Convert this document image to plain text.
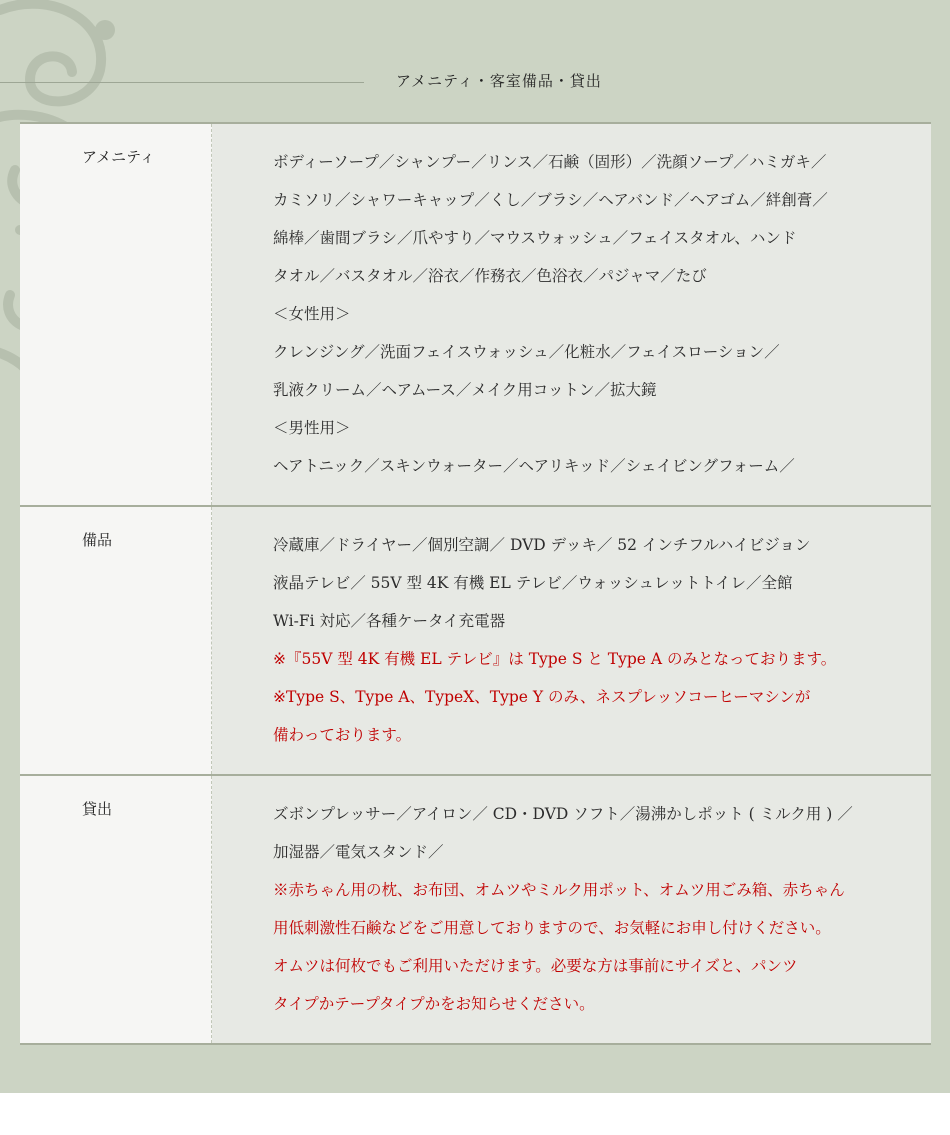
アメニティ・客室備品・貸出
アメニティ	ボディーソープ／シャンプー／リンス／石鹸（固形）／洗顔ソープ／ハミガキ／
カミソリ／シャワーキャップ／くし／ブラシ／ヘアバンド／ヘアゴム／絆創膏／
綿棒／歯間ブラシ／爪やすり／マウスウォッシュ／フェイスタオル、ハンド
タオル／バスタオル／浴衣／作務衣／色浴衣／パジャマ／たび
＜女性用＞
クレンジング／洗面フェイスウォッシュ／化粧水／フェイスローション／
乳液クリーム／ヘアムース／メイク用コットン／拡大鏡
＜男性用＞
ヘアトニック／スキンウォーター／ヘアリキッド／シェイビングフォーム／
備品	冷蔵庫／ドライヤー／個別空調／ DVD デッキ／ 52 インチフルハイビジョン
液晶テレビ／ 55V 型 4K 有機 EL テレビ／ウォッシュレットトイレ／全館
Wi-Fi 対応／各種ケータイ充電器
※『55V 型 4K 有機 EL テレビ』は Type S と Type A のみとなっております。
※Type S、Type A、TypeX、Type Y のみ、ネスプレッソコーヒーマシンが
備わっております。
貸出	ズボンプレッサー／アイロン／ CD・DVD ソフト／湯沸かしポット ( ミルク用 ) ／
加湿器／電気スタンド／
※赤ちゃん用の枕、お布団、オムツやミルク用ポット、オムツ用ごみ箱、赤ちゃん
用低刺激性石鹸などをご用意しておりますので、お気軽にお申し付けください。
オムツは何枚でもご利用いただけます。必要な方は事前にサイズと、パンツ
タイプかテープタイプかをお知らせください。
